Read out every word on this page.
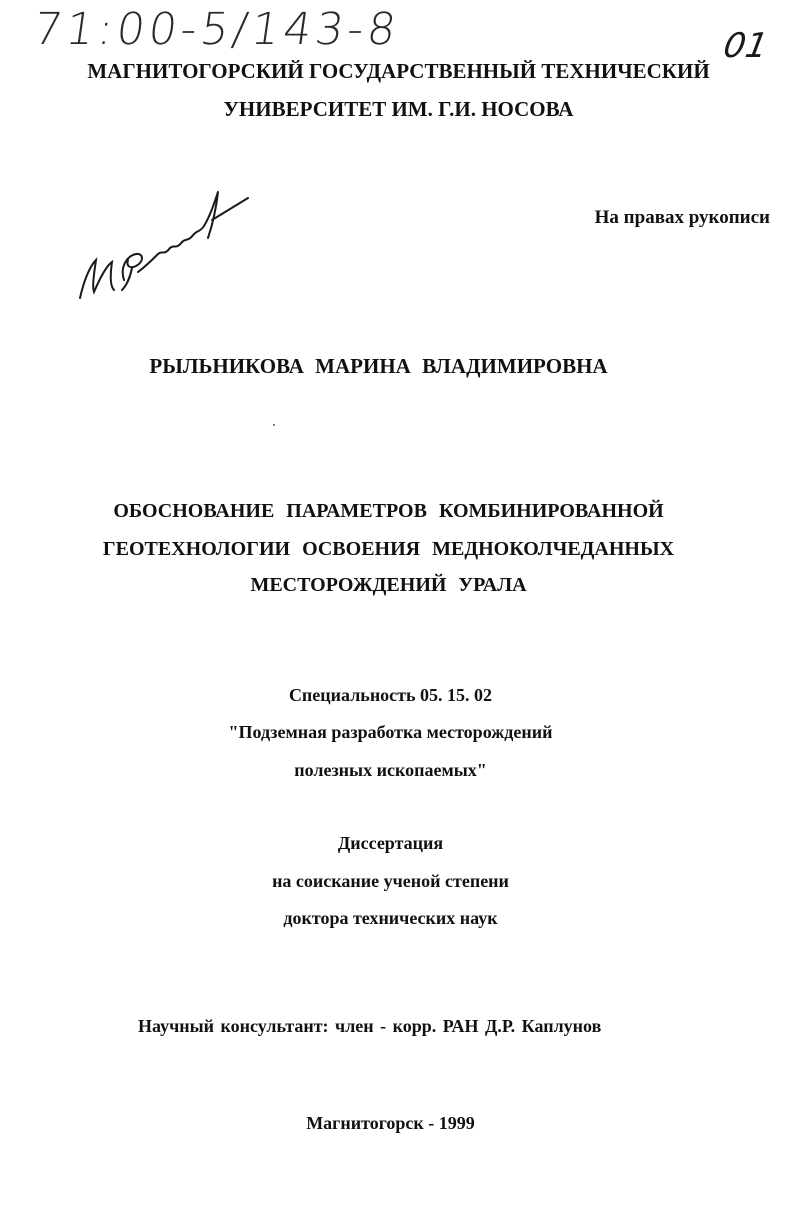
71:00-5/143-8	01
МАГНИТОГОРСКИЙ ГОСУДАРСТВЕННЫЙ ТЕХНИЧЕСКИЙ
УНИВЕРСИТЕТ ИМ. Г.И. НОСОВА
На правах рукописи
РЫЛЬНИКОВА МАРИНА ВЛАДИМИРОВНА
ОБОСНОВАНИЕ ПАРАМЕТРОВ КОМБИНИРОВАННОЙ
ГЕОТЕХНОЛОГИИ ОСВОЕНИЯ МЕДНОКОЛЧЕДАННЫХ
МЕСТОРОЖДЕНИЙ УРАЛА
Специальность 05. 15. 02
"Подземная разработка месторождений
полезных ископаемых"
Диссертация
на соискание ученой степени
доктора технических наук
Научный консультант: член - корр. РАН Д.Р. Каплунов
Магнитогорск - 1999
